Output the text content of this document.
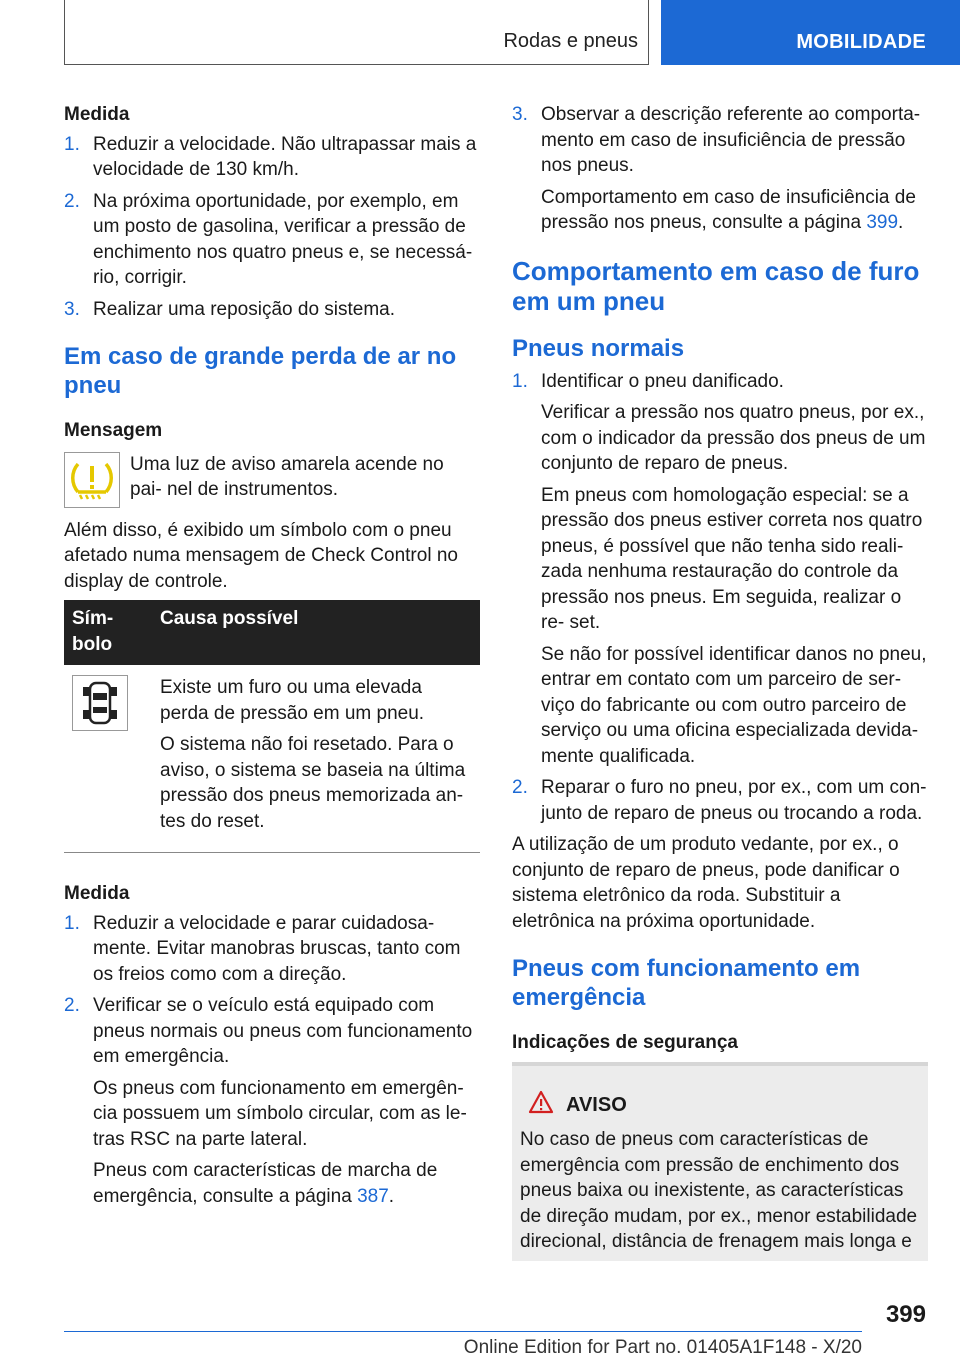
Rodas e pneus	MOBILIDADE
Medida
1. Reduzir a velocidade. Não ultrapassar mais a velocidade de 130 km/h.
2. Na próxima oportunidade, por exemplo, em um posto de gasolina, verificar a pressão de enchimento nos quatro pneus e, se necessá- rio, corrigir.
3. Realizar uma reposição do sistema.
Em caso de grande perda de ar no pneu
Mensagem
Uma luz de aviso amarela acende no pai- nel de instrumentos.

Além disso, é exibido um símbolo com o pneu afetado numa mensagem de Check Control no display de controle.

Sím- bolo	Causa possível

Existe um furo ou uma elevada perda de pressão em um pneu.

O sistema não foi resetado. Para o aviso, o sistema se baseia na última pressão dos pneus memorizada an- tes do reset.

Medida
1. Reduzir a velocidade e parar cuidadosa- mente. Evitar manobras bruscas, tanto com os freios como com a direção.
2. Verificar se o veículo está equipado com pneus normais ou pneus com funcionamento em emergência.

Os pneus com funcionamento em emergên- cia possuem um símbolo circular, com as le- tras RSC na parte lateral.

Pneus com características de marcha de emergência, consulte a página 387.

3. Observar a descrição referente ao comporta- mento em caso de insuficiência de pressão nos pneus.

Comportamento em caso de insuficiência de pressão nos pneus, consulte a página 399.

Comportamento em caso de furo em um pneu
Pneus normais
1. Identificar o pneu danificado.

Verificar a pressão nos quatro pneus, por ex., com o indicador da pressão dos pneus de um conjunto de reparo de pneus.

Em pneus com homologação especial: se a pressão dos pneus estiver correta nos quatro pneus, é possível que não tenha sido reali- zada nenhuma restauração do controle da pressão nos pneus. Em seguida, realizar o re- set.

Se não for possível identificar danos no pneu, entrar em contato com um parceiro de ser- viço do fabricante ou com outro parceiro de serviço ou uma oficina especializada devida- mente qualificada.

2. Reparar o furo no pneu, por ex., com um con- junto de reparo de pneus ou trocando a roda.

A utilização de um produto vedante, por ex., o conjunto de reparo de pneus, pode danificar o sistema eletrônico da roda. Substituir a eletrônica na próxima oportunidade.

Pneus com funcionamento em emergência
Indicações de segurança
AVISO

No caso de pneus com características de emergência com pressão de enchimento dos pneus baixa ou inexistente, as características de direção mudam, por ex., menor estabilidade direcional, distância de frenagem mais longa e

399
Online Edition for Part no. 01405A1F148 - X/20
